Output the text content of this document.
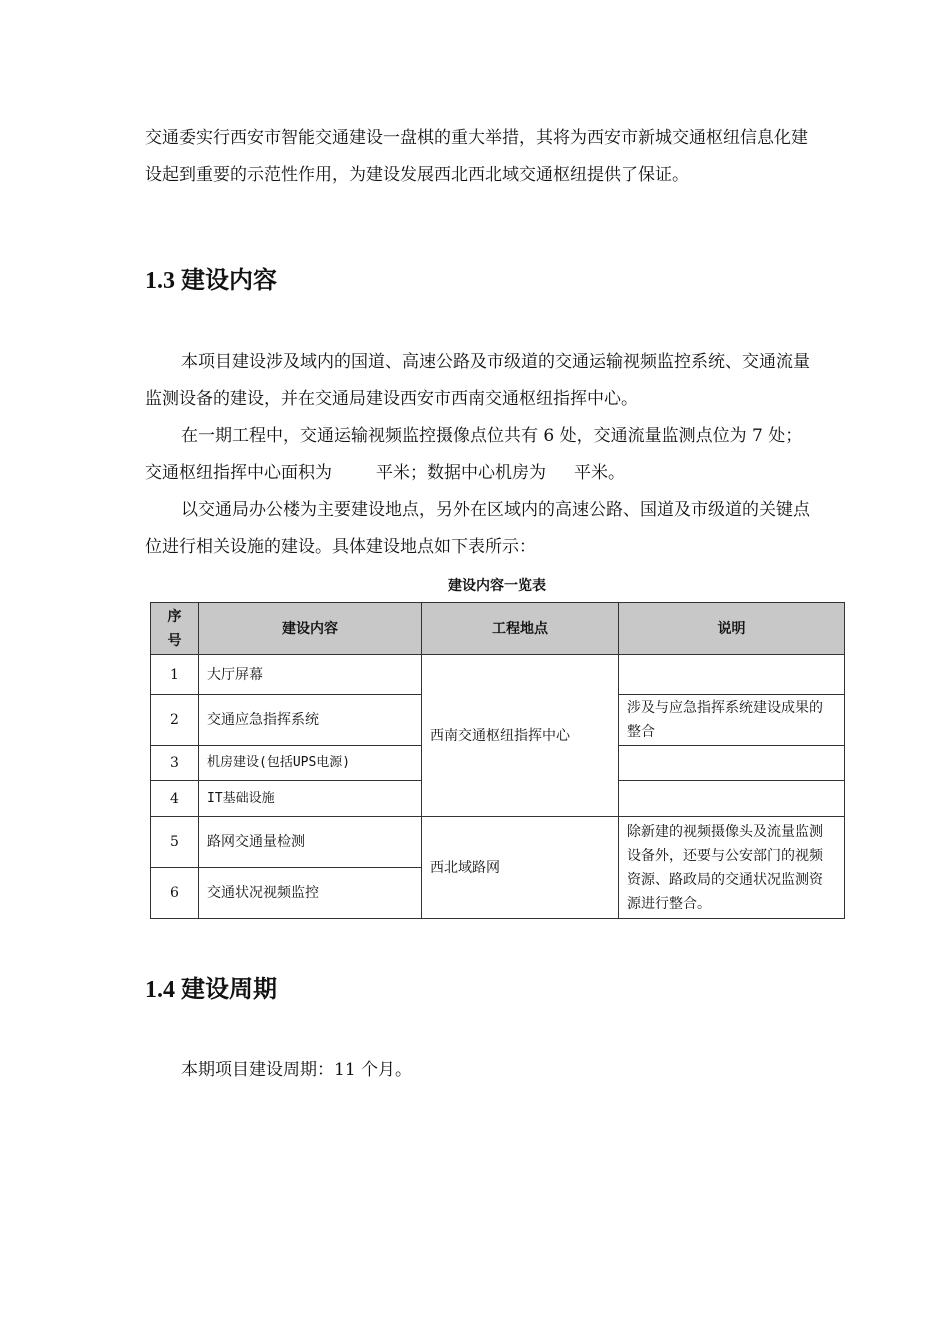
交通委实行西安市智能交通建设一盘棋的重大举措，其将为西安市新城交通枢纽信息化建设起到重要的示范性作用，为建设发展西北西北域交通枢纽提供了保证。

1.3 建设内容

本项目建设涉及域内的国道、高速公路及市级道的交通运输视频监控系统、交通流量监测设备的建设，并在交通局建设西安市西南交通枢纽指挥中心。

在一期工程中，交通运输视频监控摄像点位共有 6 处，交通流量监测点位为 7 处；交通枢纽指挥中心面积为	平米；数据中心机房为 平米。

以交通局办公楼为主要建设地点，另外在区域内的高速公路、国道及市级道的关键点位进行相关设施的建设。具体建设地点如下表所示：

建设内容一览表
序号	建设内容	工程地点	说明
1	大厅屏幕	西南交通枢纽指挥中心	
2	交通应急指挥系统		涉及与应急指挥系统建设成果的整合
3	机房建设(包括UPS电源)		
4	IT基础设施		
5	路网交通量检测	西北域路网	除新建的视频摄像头及流量监测设备外，还要与公安部门的视频资源、路政局的交通状况监测资源进行整合。
6	交通状况视频监控		
1.4 建设周期

本期项目建设周期：11 个月。
